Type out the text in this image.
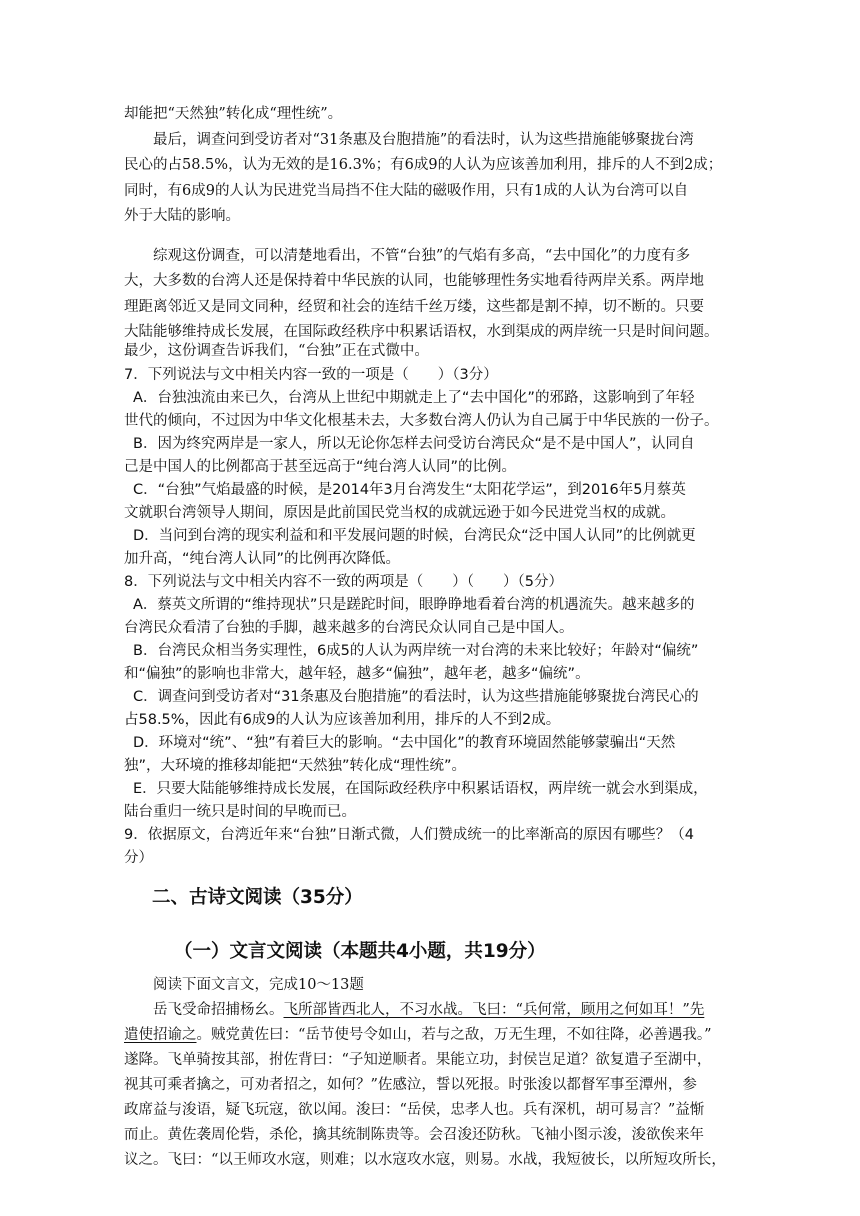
却能把“天然独”转化成“理性统”。
最后，调查问到受访者对“31条惠及台胞措施”的看法时，认为这些措施能够聚拢台湾
民心的占58.5%，认为无效的是16.3%；有6成9的人认为应该善加利用，排斥的人不到2成；
同时，有6成9的人认为民进党当局挡不住大陆的磁吸作用，只有1成的人认为台湾可以自
外于大陆的影响。
综观这份调查，可以清楚地看出，不管“台独”的气焰有多高，“去中国化”的力度有多
大，大多数的台湾人还是保持着中华民族的认同，也能够理性务实地看待两岸关系。两岸地
理距离邻近又是同文同种，经贸和社会的连结千丝万缕，这些都是割不掉，切不断的。只要
大陆能够维持成长发展，在国际政经秩序中积累话语权，水到渠成的两岸统一只是时间问题。
最少，这份调查告诉我们，“台独”正在式微中。
7．下列说法与文中相关内容一致的一项是（　　）（3分）
A．台独浊流由来已久，台湾从上世纪中期就走上了“去中国化”的邪路，这影响到了年轻
世代的倾向，不过因为中华文化根基未去，大多数台湾人仍认为自己属于中华民族的一份子。
B．因为终究两岸是一家人，所以无论你怎样去问受访台湾民众“是不是中国人”，认同自
己是中国人的比例都高于甚至远高于“纯台湾人认同”的比例。
C．“台独”气焰最盛的时候，是2014年3月台湾发生“太阳花学运”，到2016年5月蔡英
文就职台湾领导人期间，原因是此前国民党当权的成就远逊于如今民进党当权的成就。
D．当问到台湾的现实利益和和平发展问题的时候，台湾民众“泛中国人认同”的比例就更
加升高，“纯台湾人认同”的比例再次降低。
8．下列说法与文中相关内容不一致的两项是（　　）（　　）（5分）
A．蔡英文所谓的“维持现状”只是蹉跎时间，眼睁睁地看着台湾的机遇流失。越来越多的
台湾民众看清了台独的手脚，越来越多的台湾民众认同自己是中国人。
B．台湾民众相当务实理性，6成5的人认为两岸统一对台湾的未来比较好；年龄对“偏统”
和“偏独”的影响也非常大，越年轻，越多“偏独”，越年老，越多“偏统”。
C．调查问到受访者对“31条惠及台胞措施”的看法时，认为这些措施能够聚拢台湾民心的
占58.5%，因此有6成9的人认为应该善加利用，排斥的人不到2成。
D．环境对“统”、“独”有着巨大的影响。“去中国化”的教育环境固然能够蒙骗出“天然
独”，大环境的推移却能把“天然独”转化成“理性统”。
E．只要大陆能够维持成长发展，在国际政经秩序中积累话语权，两岸统一就会水到渠成，
陆台重归一统只是时间的早晚而已。
9．依据原文，台湾近年来“台独”日渐式微，人们赞成统一的比率渐高的原因有哪些？（4
分）
二、古诗文阅读（35分）
（一）文言文阅读（本题共4小题，共19分）
阅读下面文言文，完成10～13题
岳飞受命招捕杨幺。飞所部皆西北人，不习水战。飞曰：“兵何常，顾用之何如耳！”先
遣使招谕之。贼党黄佐曰：“岳节使号令如山，若与之敌，万无生理，不如往降，必善遇我。”
遂降。飞单骑按其部，拊佐背曰：“子知逆顺者。果能立功，封侯岂足道？欲复遣子至湖中，
视其可乘者擒之，可劝者招之，如何？”佐感泣，誓以死报。时张浚以都督军事至潭州，参
政席益与浚语，疑飞玩寇，欲以闻。浚曰：“岳侯，忠孝人也。兵有深机，胡可易言？”益惭
而止。黄佐袭周伦砦，杀伦，擒其统制陈贵等。会召浚还防秋。飞袖小图示浚，浚欲俟来年
议之。飞曰：“以王师攻水寇，则难；以水寇攻水寇，则易。水战，我短彼长，以所短攻所长，
